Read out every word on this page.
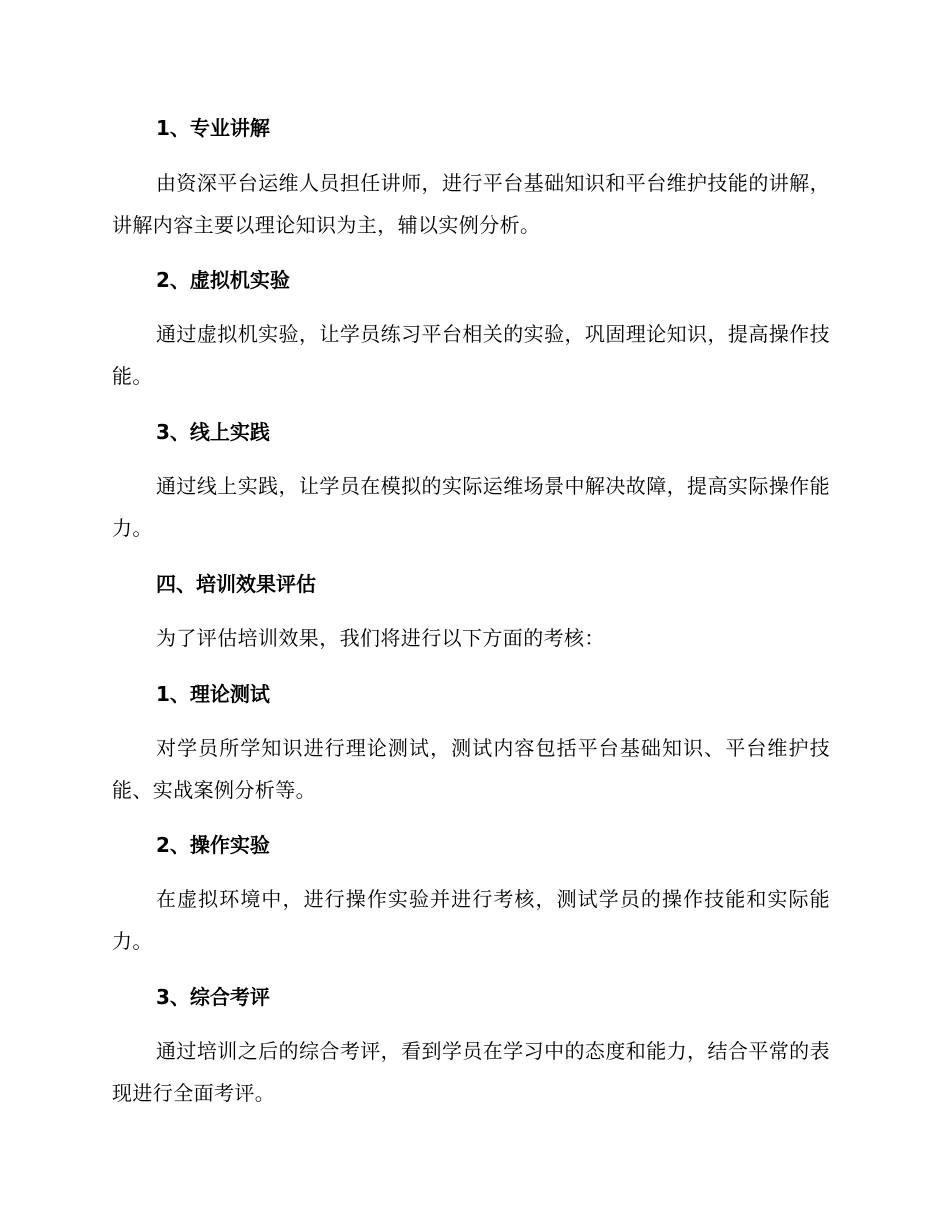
1、专业讲解
由资深平台运维人员担任讲师，进行平台基础知识和平台维护技能的讲解，讲解内容主要以理论知识为主，辅以实例分析。
2、虚拟机实验
通过虚拟机实验，让学员练习平台相关的实验，巩固理论知识，提高操作技能。
3、线上实践
通过线上实践，让学员在模拟的实际运维场景中解决故障，提高实际操作能力。
四、培训效果评估
为了评估培训效果，我们将进行以下方面的考核：
1、理论测试
对学员所学知识进行理论测试，测试内容包括平台基础知识、平台维护技能、实战案例分析等。
2、操作实验
在虚拟环境中，进行操作实验并进行考核，测试学员的操作技能和实际能力。
3、综合考评
通过培训之后的综合考评，看到学员在学习中的态度和能力，结合平常的表现进行全面考评。
